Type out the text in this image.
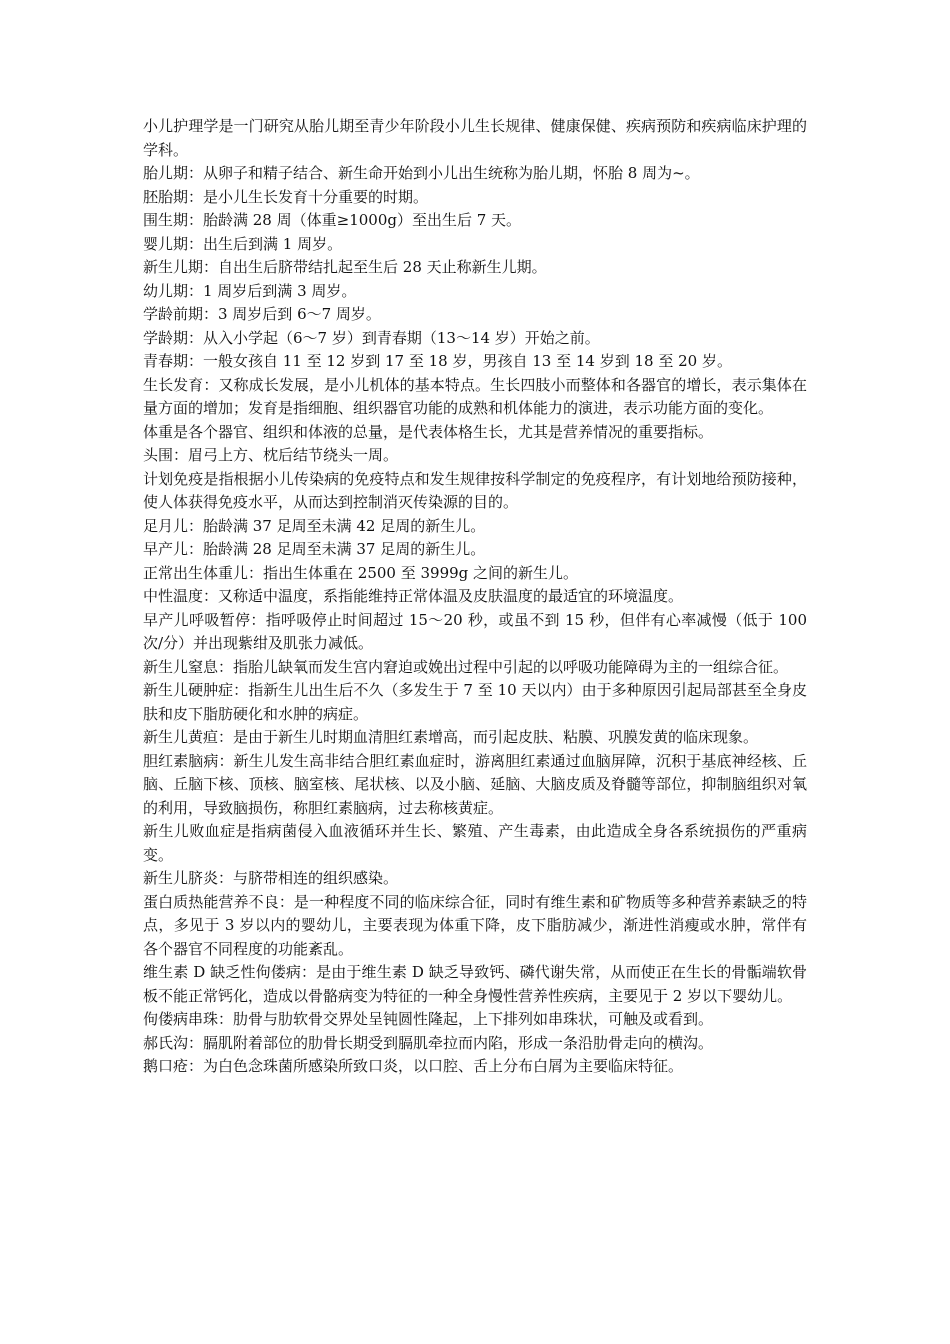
小儿护理学是一门研究从胎儿期至青少年阶段小儿生长规律、健康保健、疾病预防和疾病临床护理的学科。

胎儿期：从卵子和精子结合、新生命开始到小儿出生统称为胎儿期，怀胎 8 周为~。

胚胎期：是小儿生长发育十分重要的时期。

围生期：胎龄满 28 周（体重≥1000g）至出生后 7 天。

婴儿期：出生后到满 1 周岁。

新生儿期：自出生后脐带结扎起至生后 28 天止称新生儿期。

幼儿期：1 周岁后到满 3 周岁。

学龄前期：3 周岁后到 6～7 周岁。

学龄期：从入小学起（6～7 岁）到青春期（13～14 岁）开始之前。

青春期：一般女孩自 11 至 12 岁到 17 至 18 岁，男孩自 13 至 14 岁到 18 至 20 岁。

生长发育：又称成长发展，是小儿机体的基本特点。生长四肢小而整体和各器官的增长，表示集体在量方面的增加；发育是指细胞、组织器官功能的成熟和机体能力的演进，表示功能方面的变化。

体重是各个器官、组织和体液的总量，是代表体格生长，尤其是营养情况的重要指标。

头围：眉弓上方、枕后结节绕头一周。

计划免疫是指根据小儿传染病的免疫特点和发生规律按科学制定的免疫程序，有计划地给预防接种，使人体获得免疫水平，从而达到控制消灭传染源的目的。

足月儿：胎龄满 37 足周至未满 42 足周的新生儿。

早产儿：胎龄满 28 足周至未满 37 足周的新生儿。

正常出生体重儿：指出生体重在 2500 至 3999g 之间的新生儿。

中性温度：又称适中温度，系指能维持正常体温及皮肤温度的最适宜的环境温度。

早产儿呼吸暂停：指呼吸停止时间超过 15～20 秒，或虽不到 15 秒，但伴有心率减慢（低于 100 次/分）并出现紫绀及肌张力减低。

新生儿窒息：指胎儿缺氧而发生宫内窘迫或娩出过程中引起的以呼吸功能障碍为主的一组综合征。

新生儿硬肿症：指新生儿出生后不久（多发生于 7 至 10 天以内）由于多种原因引起局部甚至全身皮肤和皮下脂肪硬化和水肿的病症。

新生儿黄疸：是由于新生儿时期血清胆红素增高，而引起皮肤、粘膜、巩膜发黄的临床现象。

胆红素脑病：新生儿发生高非结合胆红素血症时，游离胆红素通过血脑屏障，沉积于基底神经核、丘脑、丘脑下核、顶核、脑室核、尾状核、以及小脑、延脑、大脑皮质及脊髓等部位，抑制脑组织对氧的利用，导致脑损伤，称胆红素脑病，过去称核黄症。

新生儿败血症是指病菌侵入血液循环并生长、繁殖、产生毒素，由此造成全身各系统损伤的严重病变。

新生儿脐炎：与脐带相连的组织感染。

蛋白质热能营养不良：是一种程度不同的临床综合征，同时有维生素和矿物质等多种营养素缺乏的特点，多见于 3 岁以内的婴幼儿，主要表现为体重下降，皮下脂肪减少，渐进性消瘦或水肿，常伴有各个器官不同程度的功能紊乱。

维生素 D 缺乏性佝偻病：是由于维生素 D 缺乏导致钙、磷代谢失常，从而使正在生长的骨骺端软骨板不能正常钙化，造成以骨骼病变为特征的一种全身慢性营养性疾病，主要见于 2 岁以下婴幼儿。

佝偻病串珠：肋骨与肋软骨交界处呈钝圆性隆起，上下排列如串珠状，可触及或看到。

郝氏沟：膈肌附着部位的肋骨长期受到膈肌牵拉而内陷，形成一条沿肋骨走向的横沟。

鹅口疮：为白色念珠菌所感染所致口炎，以口腔、舌上分布白屑为主要临床特征。
